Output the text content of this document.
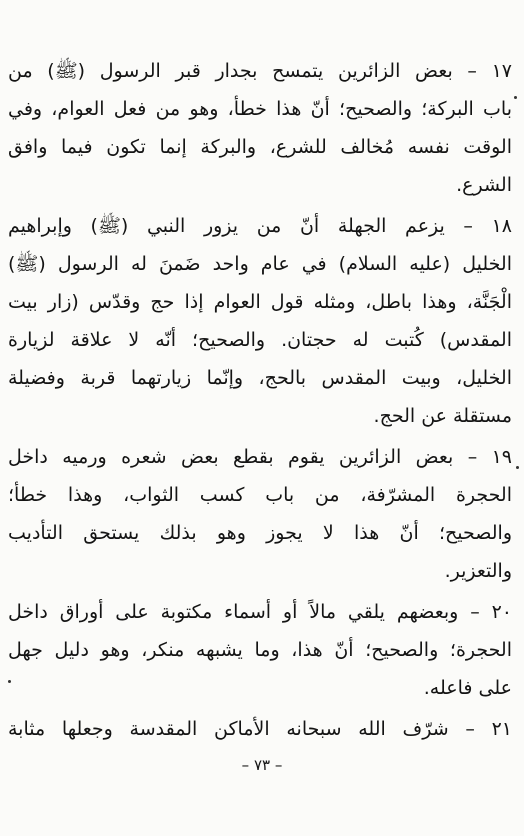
١٧ – بعض الزائرين يتمسح بجدار قبر الرسول (ﷺ) من
باب البركة؛ والصحيح؛ أنّ هذا خطأ، وهو من فعل العوام، وفي
الوقت نفسه مُخالف للشرع، والبركة إنما تكون فيما وافق
الشرع.
١٨ – يزعم الجهلة أنّ من يزور النبي (ﷺ) وإبراهيم
الخليل (عليه السلام) في عام واحد ضَمنَ له الرسول (ﷺ)
الْجَنَّة، وهذا باطل، ومثله قول العوام إذا حج وقدّس (زار بيت
المقدس) كُتبت له حجتان. والصحيح؛ أنّه لا علاقة لزيارة
الخليل، وبيت المقدس بالحج، وإنّما زيارتهما قربة وفضيلة
مستقلة عن الحج.
١٩ – بعض الزائرين يقوم بقطع بعض شعره ورميه داخل
الحجرة المشرّفة، من باب كسب الثواب، وهذا خطأ؛
والصحيح؛ أنّ هذا لا يجوز وهو بذلك يستحق التأديب
والتعزير.
٢٠ – وبعضهم يلقي مالاً أو أسماء مكتوبة على أوراق داخل
الحجرة؛ والصحيح؛ أنّ هذا، وما يشبهه منكر، وهو دليل جهل
على فاعله.
٢١ – شرّف الله سبحانه الأماكن المقدسة وجعلها مثابة
– ٧٣ –
